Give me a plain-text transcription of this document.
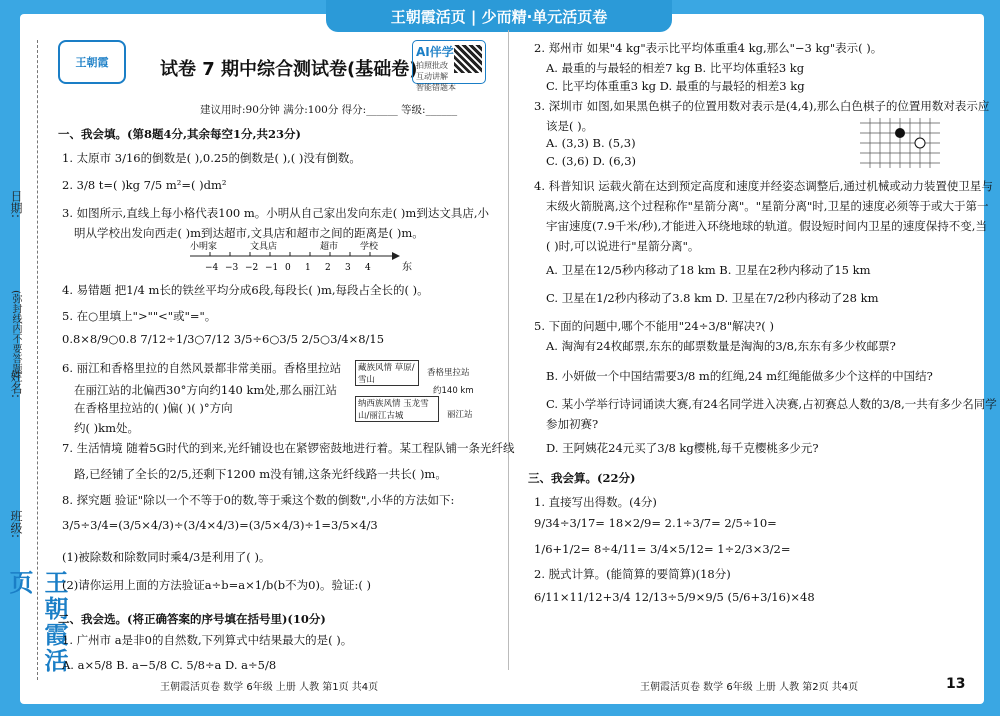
王朝霞活页 | 少而精·单元活页卷
日期:
(弥封线内不要答题)
姓名:
班级:
王朝霞活页
王朝霞	试卷 7 期中综合测试卷(基础卷)
AI伴学
拍照批改
互动讲解
智能错题本
建议用时:90分钟 满分:100分 得分:______ 等级:______
一、我会填。(第8题4分,其余每空1分,共23分)
1. 太原市 3/16的倒数是( ),0.25的倒数是( ),( )没有倒数。
2. 3/8 t=( )kg 7/5 m²=( )dm²
3. 如图所示,直线上每小格代表100 m。小明从自己家出发向东走( )m到达文具店,小
明从学校出发向西走( )m到达超市,文具店和超市之间的距离是( )m。
4. 易错题 把1/4 m长的铁丝平均分成6段,每段长( )m,每段占全长的( )。
5. 在○里填上">""<"或"="。
0.8×8/9○0.8 7/12÷1/3○7/12 3/5÷6○3/5 2/5○3/4×8/15
6. 丽江和香格里拉的自然风景都非常美丽。香格里拉站
在丽江站的北偏西30°方向约140 km处,那么丽江站
在香格里拉站的( )偏( )( )°方向
约( )km处。
7. 生活情境 随着5G时代的到来,光纤铺设也在紧锣密鼓地进行着。某工程队铺一条光纤线
路,已经铺了全长的2/5,还剩下1200 m没有铺,这条光纤线路一共长( )m。
8. 探究题 验证"除以一个不等于0的数,等于乘这个数的倒数",小华的方法如下:
3/5÷3/4=(3/5×4/3)÷(3/4×4/3)=(3/5×4/3)÷1=3/5×4/3
(1)被除数和除数同时乘4/3是利用了( )。
(2)请你运用上面的方法验证a÷b=a×1/b(b不为0)。验证:( )
二、我会选。(将正确答案的序号填在括号里)(10分)
1. 广州市 a是非0的自然数,下列算式中结果最大的是( )。
A. a×5/8 B. a−5/8 C. 5/8÷a D. a÷5/8
2. 郑州市 如果"4 kg"表示比平均体重重4 kg,那么"−3 kg"表示( )。
A. 最重的与最轻的相差7 kg B. 比平均体重轻3 kg
C. 比平均体重重3 kg D. 最重的与最轻的相差3 kg
3. 深圳市 如图,如果黑色棋子的位置用数对表示是(4,4),那么白色棋子的位置用数对表示应
该是( )。
A. (3,3) B. (5,3)
C. (3,6) D. (6,3)
4. 科普知识 运载火箭在达到预定高度和速度并经姿态调整后,通过机械或动力装置使卫星与
末级火箭脱离,这个过程称作"星箭分离"。"星箭分离"时,卫星的速度必须等于或大于第一
宇宙速度(7.9千米/秒),才能进入环绕地球的轨道。假设短时间内卫星的速度保持不变,当
( )时,可以说进行"星箭分离"。
A. 卫星在12/5秒内移动了18 km B. 卫星在2秒内移动了15 km
C. 卫星在1/2秒内移动了3.8 km D. 卫星在7/2秒内移动了28 km
5. 下面的问题中,哪个不能用"24÷3/8"解决?( )
A. 淘淘有24枚邮票,东东的邮票数量是淘淘的3/8,东东有多少枚邮票?
B. 小妍做一个中国结需要3/8 m的红绳,24 m红绳能做多少个这样的中国结?
C. 某小学举行诗词诵读大赛,有24名同学进入决赛,占初赛总人数的3/8,一共有多少名同学
参加初赛?
D. 王阿姨花24元买了3/8 kg樱桃,每千克樱桃多少元?
三、我会算。(22分)
1. 直接写出得数。(4分)
9/34÷3/17= 18×2/9= 2.1÷3/7= 2/5÷10=
1/6+1/2= 8÷4/11= 3/4×5/12= 1÷2/3×3/2=
2. 脱式计算。(能简算的要简算)(18分)
6/11×11/12+3/4 12/13÷5/9×9/5 (5/6+3/16)×48
−4 −3 −2 −1 0 1 2 3 4
小明家	文具店	超市 学校
东
藏族风情 草原/雪山
香格里拉站
约140 km
纳西族风情 玉龙雪山/丽江古城	丽江站
王朝霞活页卷 数学 6年级 上册 人教 第1页 共4页	王朝霞活页卷 数学 6年级 上册 人教 第2页 共4页	13
